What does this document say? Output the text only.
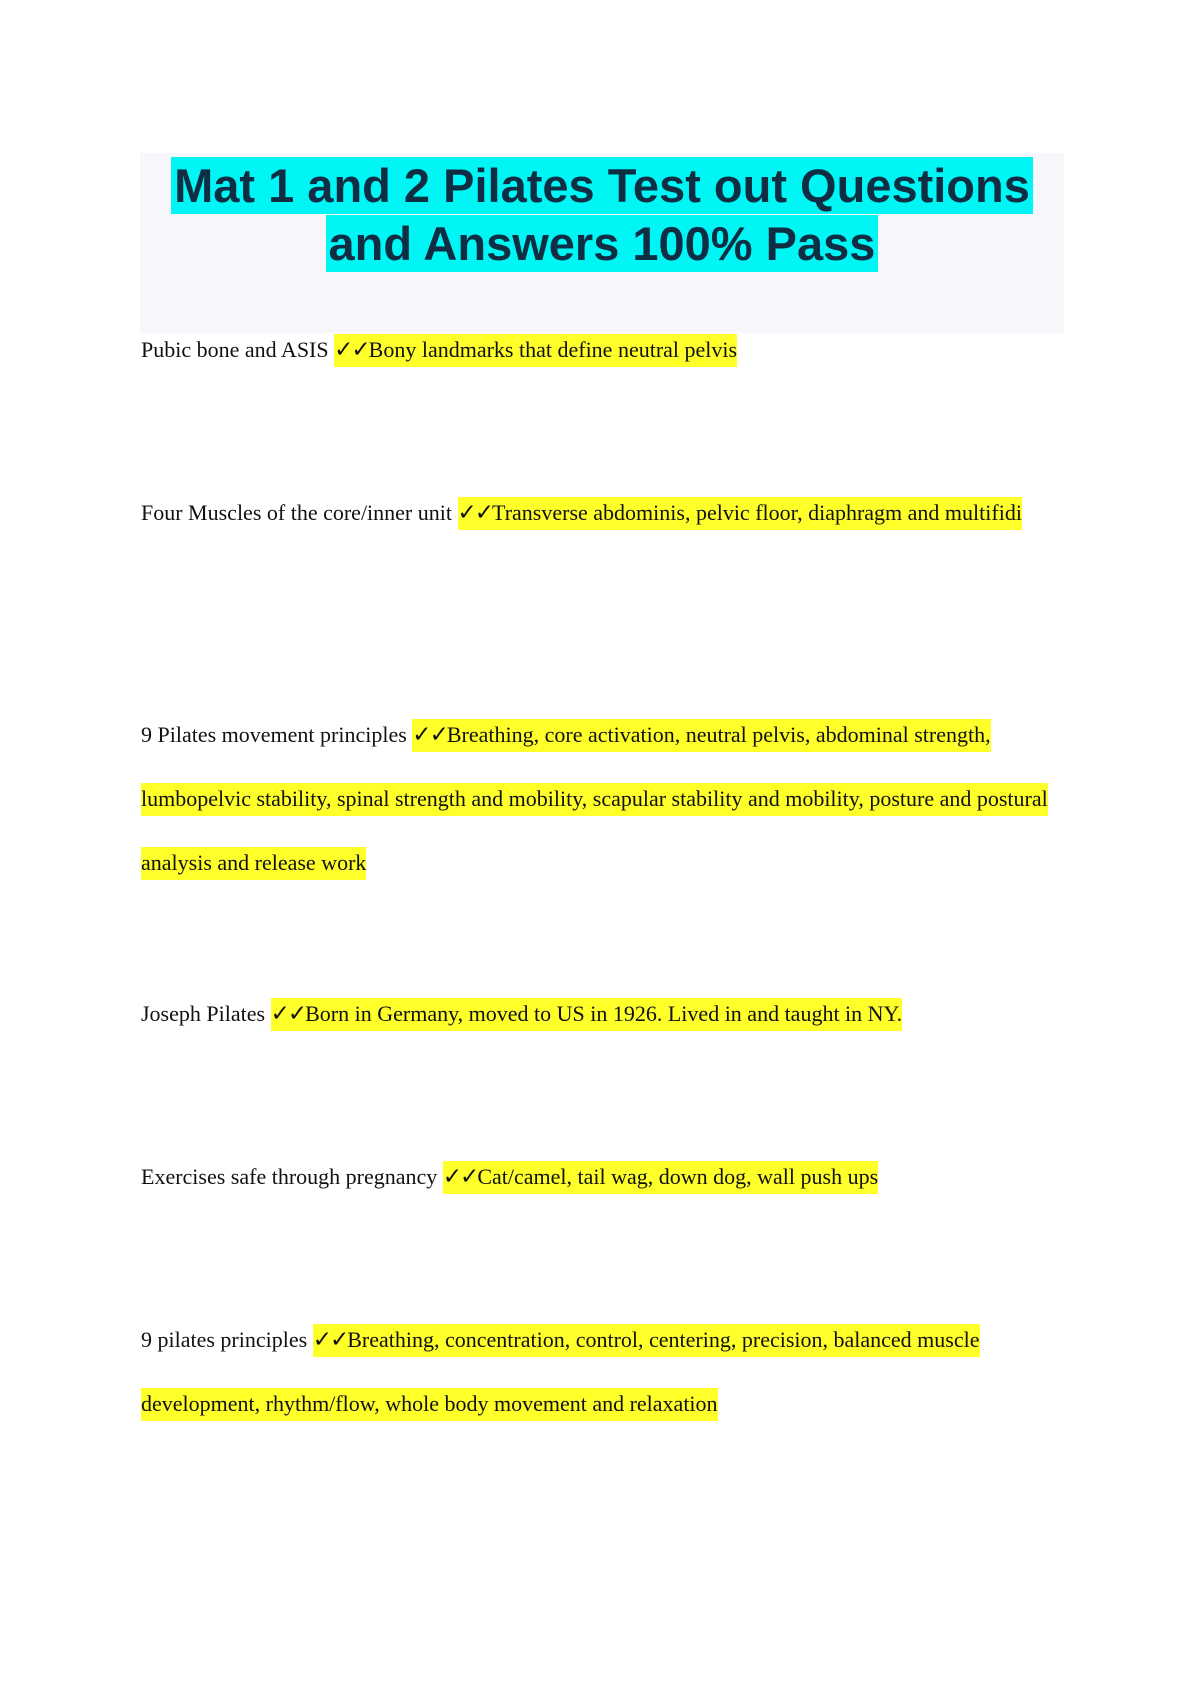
Mat 1 and 2 Pilates Test out Questions
and Answers 100% Pass
Pubic bone and ASIS ✓✓Bony landmarks that define neutral pelvis
Four Muscles of the core/inner unit ✓✓Transverse abdominis, pelvic floor, diaphragm and multifidi
9 Pilates movement principles ✓✓Breathing, core activation, neutral pelvis, abdominal strength, lumbopelvic stability, spinal strength and mobility, scapular stability and mobility, posture and postural analysis and release work
Joseph Pilates ✓✓Born in Germany, moved to US in 1926. Lived in and taught in NY.
Exercises safe through pregnancy ✓✓Cat/camel, tail wag, down dog, wall push ups
9 pilates principles ✓✓Breathing, concentration, control, centering, precision, balanced muscle development, rhythm/flow, whole body movement and relaxation
